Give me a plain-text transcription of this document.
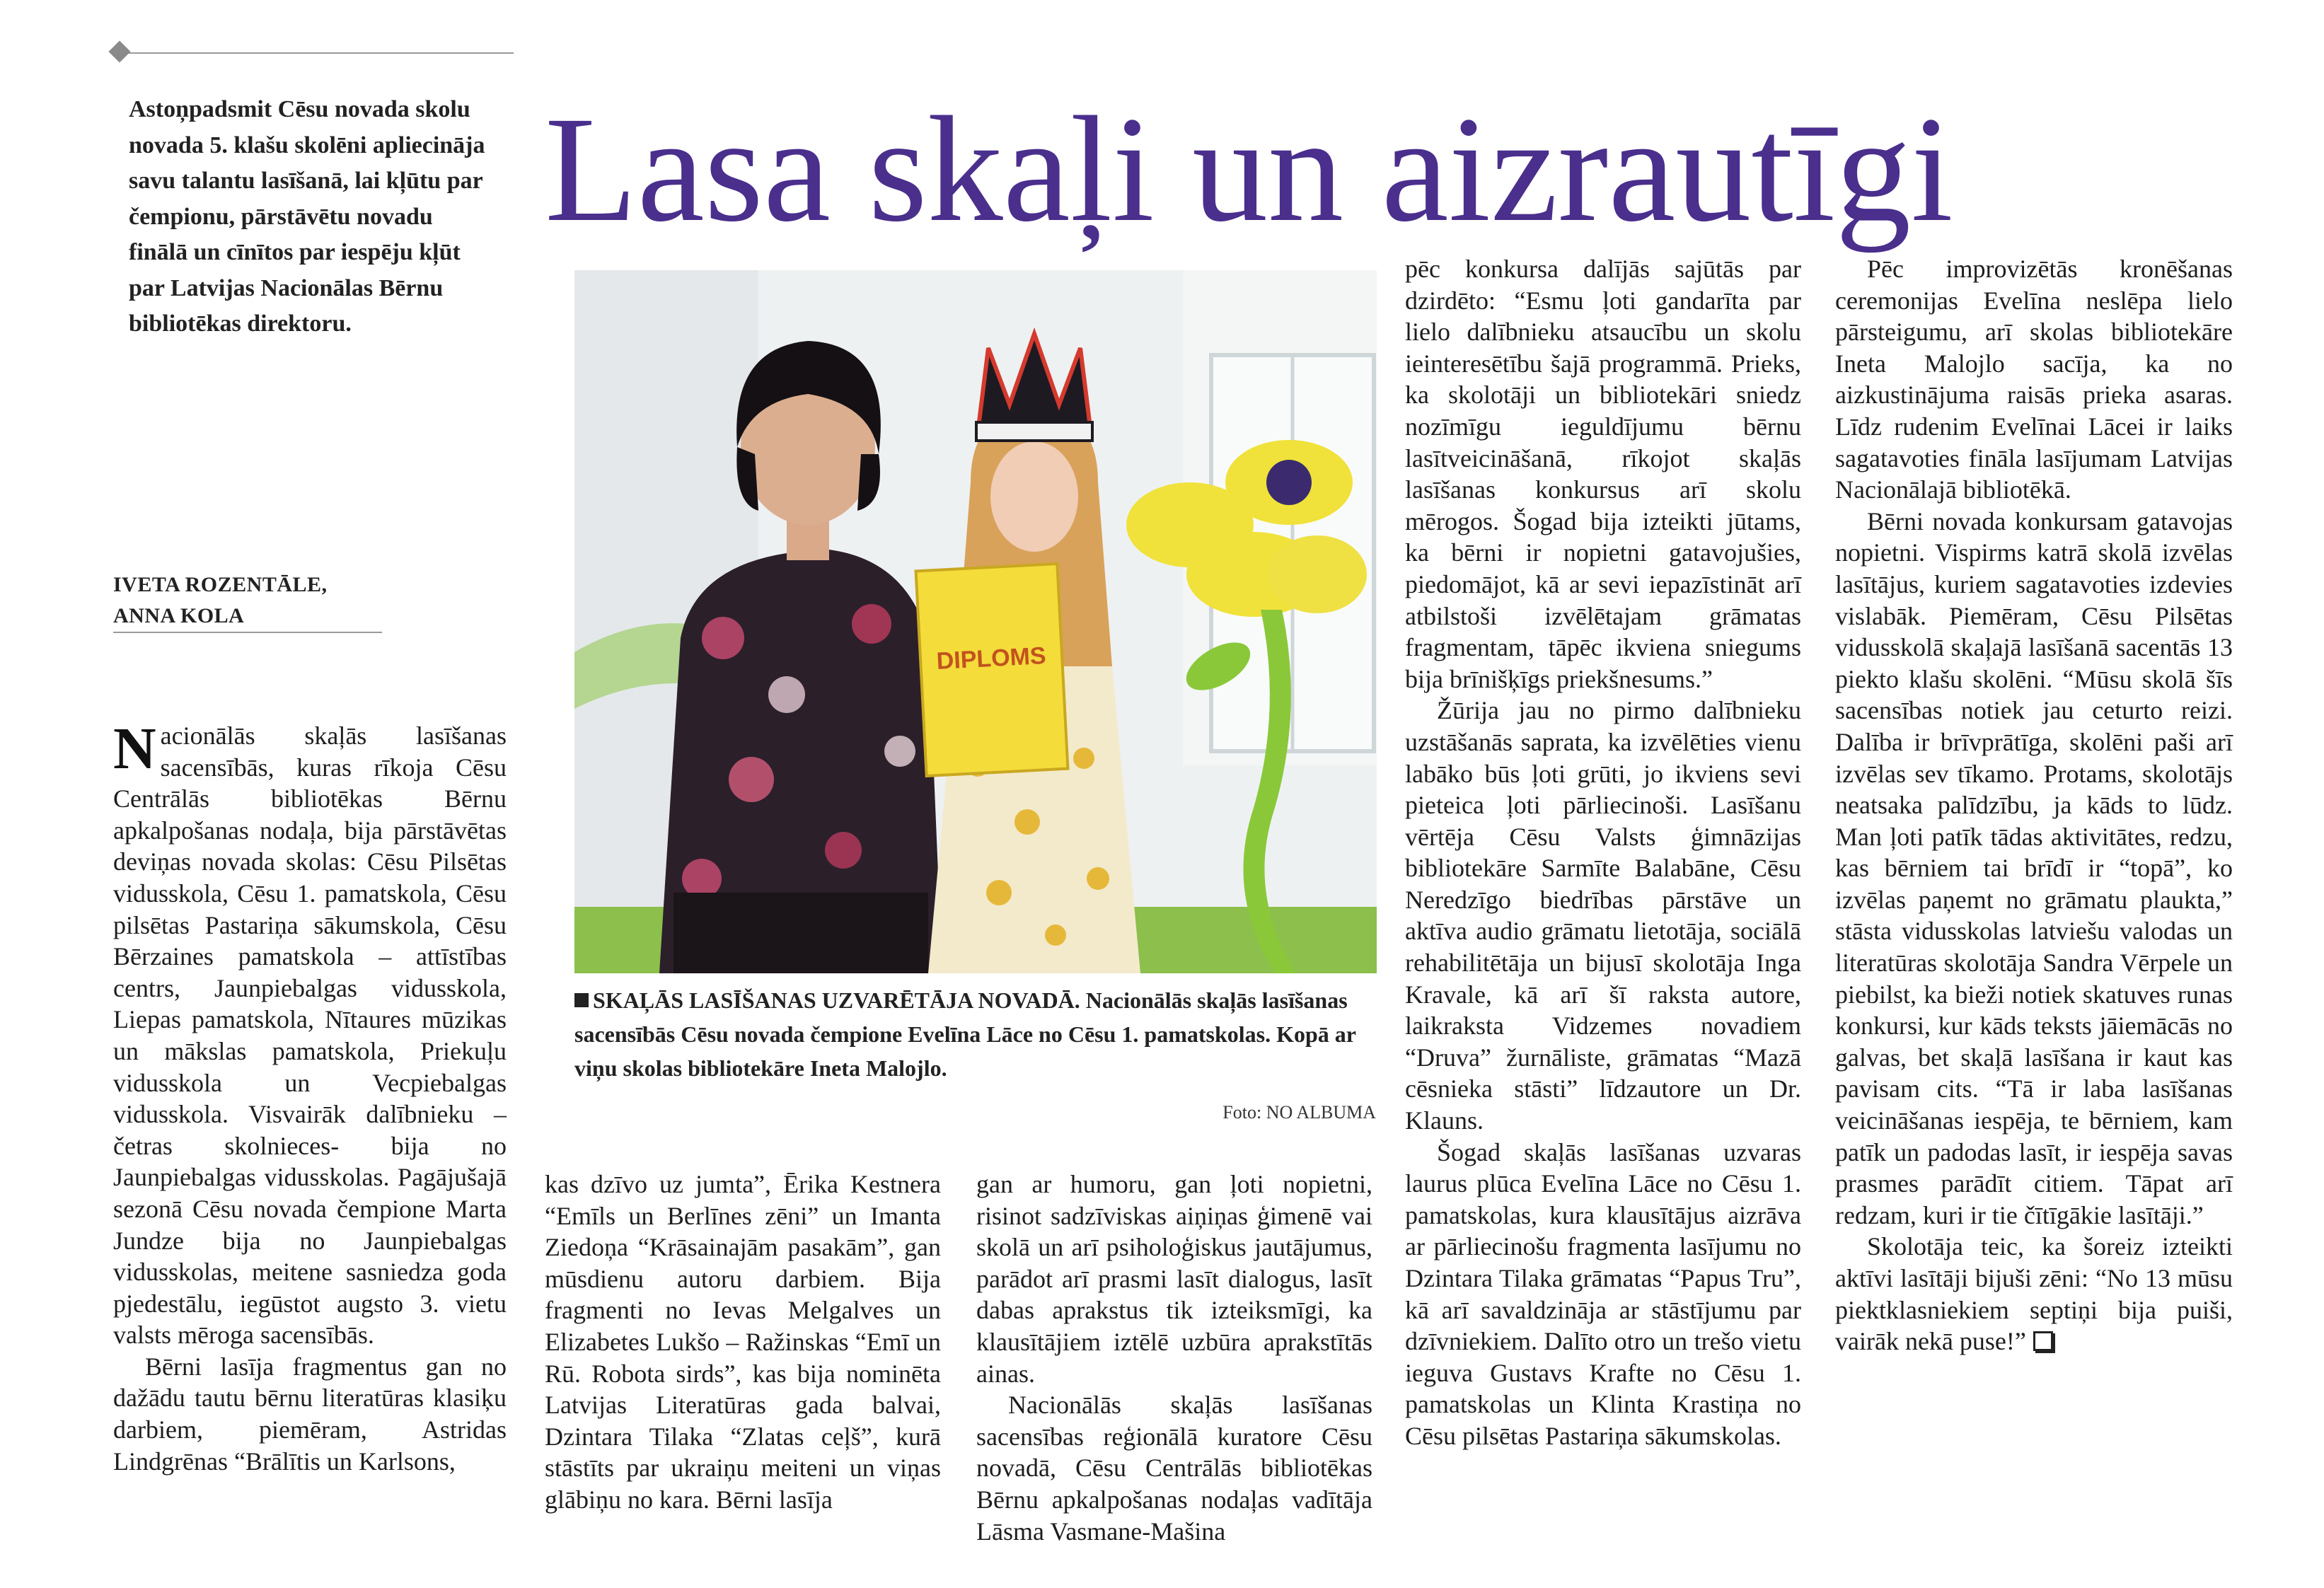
Astoņpadsmit Cēsu novada skolu novada 5. klašu skolēni apliecināja savu talantu lasīšanā, lai kļūtu par čempionu, pārstāvētu novadu finālā un cīnītos par iespēju kļūt par Latvijas Nacionālas Bērnu bibliotēkas direktoru.
IVETA ROZENTĀLE,
ANNA KOLA
Lasa skaļi un aizrautīgi
DIPLOMS
SKAĻĀS LASĪŠANAS UZVARĒTĀJA NOVADĀ. Nacionālās skaļās lasīšanas sacensībās Cēsu novada čempione Evelīna Lāce no Cēsu 1. pamatskolas. Kopā ar viņu skolas bibliotekāre Ineta Malojlo.
Foto: NO ALBUMA

Nacionālās skaļās lasīšanas sacensībās, kuras rīkoja Cēsu Centrālās bibliotēkas Bērnu apkalpošanas nodaļa, bija pārstāvētas deviņas novada skolas: Cēsu Pilsētas vidusskola, Cēsu 1. pamatskola, Cēsu pilsētas Pastariņa sākumskola, Cēsu Bērzaines pamatskola – attīstības centrs, Jaunpiebalgas vidusskola, Liepas pamatskola, Nītaures mūzikas un mākslas pamatskola, Priekuļu vidusskola un Vecpiebalgas vidusskola. Visvairāk dalībnieku – četras skolnieces- bija no Jaunpiebalgas vidusskolas. Pagājušajā sezonā Cēsu novada čempione Marta Jundze bija no Jaunpiebalgas vidusskolas, meitene sasniedza goda pjedestālu, iegūstot augsto 3. vietu valsts mēroga sacensībās.

Bērni lasīja fragmentus gan no dažādu tautu bērnu literatūras klasiķu darbiem, piemēram, Astridas Lindgrēnas “Brālītis un Karlsons,

kas dzīvo uz jumta”, Ērika Kestnera “Emīls un Berlīnes zēni” un Imanta Ziedoņa “Krāsainajām pasakām”, gan mūsdienu autoru darbiem. Bija fragmenti no Ievas Melgalves un Elizabetes Lukšo – Ražinskas “Emī un Rū. Robota sirds”, kas bija nominēta Latvijas Literatūras gada balvai, Dzintara Tilaka “Zlatas ceļš”, kurā stāstīts par ukraiņu meiteni un viņas glābiņu no kara. Bērni lasīja

gan ar humoru, gan ļoti nopietni, risinot sadzīviskas aiņiņas ģimenē vai skolā un arī psiholoģiskus jautājumus, parādot arī prasmi lasīt dialogus, lasīt dabas aprakstus tik izteiksmīgi, ka klausītājiem iztēlē uzbūra aprakstītās ainas.

Nacionālās skaļās lasīšanas sacensības reģionālā kuratore Cēsu novadā, Cēsu Centrālās bibliotēkas Bērnu apkalpošanas nodaļas vadītāja Lāsma Vasmane-Mašina

pēc konkursa dalījās sajūtās par dzirdēto: “Esmu ļoti gandarīta par lielo dalībnieku atsaucību un skolu ieinteresētību šajā programmā. Prieks, ka skolotāji un bibliotekāri sniedz nozīmīgu ieguldījumu bērnu lasītveicināšanā, rīkojot skaļās lasīšanas konkursus arī skolu mērogos. Šogad bija izteikti jūtams, ka bērni ir nopietni gatavojušies, piedomājot, kā ar sevi iepazīstināt arī atbilstoši izvēlētajam grāmatas fragmentam, tāpēc ikviena sniegums bija brīnišķīgs priekšnesums.”

Žūrija jau no pirmo dalībnieku uzstāšanās saprata, ka izvēlēties vienu labāko būs ļoti grūti, jo ikviens sevi pieteica ļoti pārliecinoši. Lasīšanu vērtēja Cēsu Valsts ģimnāzijas bibliotekāre Sarmīte Balabāne, Cēsu Neredzīgo biedrības pārstāve un aktīva audio grāmatu lietotāja, sociālā rehabilitētāja un bijusī skolotāja Inga Kravale, kā arī šī raksta autore, laikraksta Vidzemes novadiem “Druva” žurnāliste, grāmatas “Mazā cēsnieka stāsti” līdzautore un Dr. Klauns.

Šogad skaļās lasīšanas uzvaras laurus plūca Evelīna Lāce no Cēsu 1. pamatskolas, kura klausītājus aizrāva ar pārliecinošu fragmenta lasījumu no Dzintara Tilaka grāmatas “Papus Tru”, kā arī savaldzināja ar stāstījumu par dzīvniekiem. Dalīto otro un trešo vietu ieguva Gustavs Krafte no Cēsu 1. pamatskolas un Klinta Krastiņa no Cēsu pilsētas Pastariņa sākumskolas.

Pēc improvizētās kronēšanas ceremonijas Evelīna neslēpa lielo pārsteigumu, arī skolas bibliotekāre Ineta Malojlo sacīja, ka no aizkustinājuma raisās prieka asaras. Līdz rudenim Evelīnai Lācei ir laiks sagatavoties fināla lasījumam Latvijas Nacionālajā bibliotēkā.

Bērni novada konkursam gatavojas nopietni. Vispirms katrā skolā izvēlas lasītājus, kuriem sagatavoties izdevies vislabāk. Piemēram, Cēsu Pilsētas vidusskolā skaļajā lasīšanā sacentās 13 piekto klašu skolēni. “Mūsu skolā šīs sacensības notiek jau ceturto reizi. Dalība ir brīvprātīga, skolēni paši arī izvēlas sev tīkamo. Protams, skolotājs neatsaka palīdzību, ja kāds to lūdz. Man ļoti patīk tādas aktivitātes, redzu, kas bērniem tai brīdī ir “topā”, ko izvēlas paņemt no grāmatu plaukta,” stāsta vidusskolas latviešu valodas un literatūras skolotāja Sandra Vērpele un piebilst, ka bieži notiek skatuves runas konkursi, kur kāds teksts jāiemācās no galvas, bet skaļā lasīšana ir kaut kas pavisam cits. “Tā ir laba lasīšanas veicināšanas iespēja, te bērniem, kam patīk un padodas lasīt, ir iespēja savas prasmes parādīt citiem. Tāpat arī redzam, kuri ir tie čītīgākie lasītāji.”

Skolotāja teic, ka šoreiz izteikti aktīvi lasītāji bijuši zēni: “No 13 mūsu piektklasniekiem septiņi bija puiši, vairāk nekā puse!”
